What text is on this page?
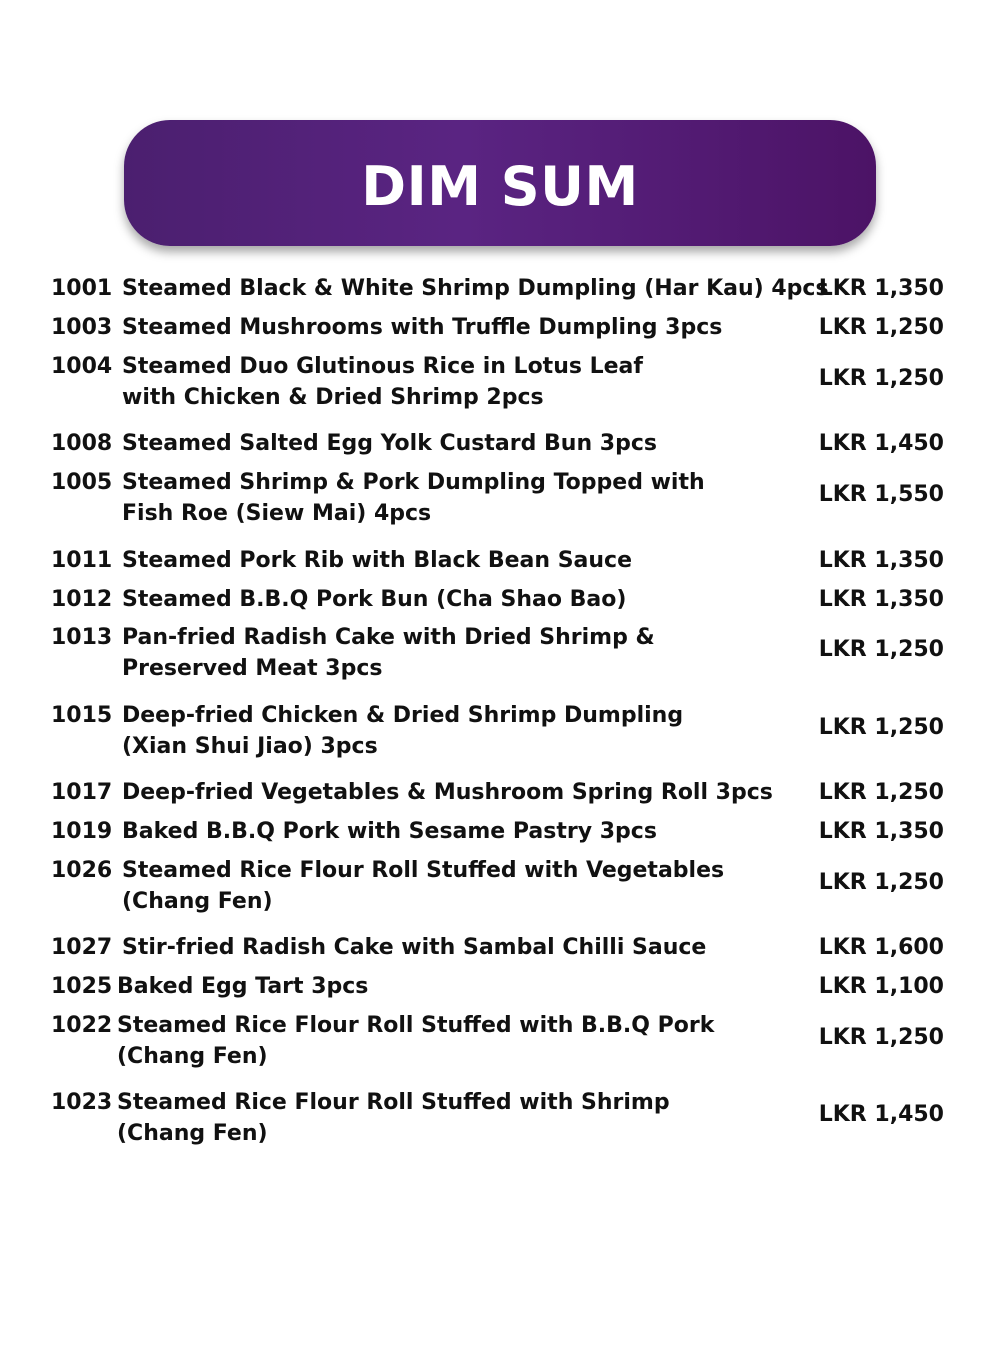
DIM SUM
1001 Steamed Black & White Shrimp Dumpling (Har Kau) 4pcs
LKR 1,350
1003 Steamed Mushrooms with Truffle Dumpling 3pcs	LKR 1,250
1004 Steamed Duo Glutinous Rice in Lotus Leaf
with Chicken & Dried Shrimp 2pcs
LKR 1,250
1008 Steamed Salted Egg Yolk Custard Bun 3pcs	LKR 1,450
1005 Steamed Shrimp & Pork Dumpling Topped with
Fish Roe (Siew Mai) 4pcs
LKR 1,550
1011 Steamed Pork Rib with Black Bean Sauce	LKR 1,350
1012 Steamed B.B.Q Pork Bun (Cha Shao Bao)	LKR 1,350
1013 Pan-fried Radish Cake with Dried Shrimp &
Preserved Meat 3pcs
LKR 1,250
1015 Deep-fried Chicken & Dried Shrimp Dumpling
(Xian Shui Jiao) 3pcs
LKR 1,250
1017 Deep-fried Vegetables & Mushroom Spring Roll 3pcs LKR 1,250
1019 Baked B.B.Q Pork with Sesame Pastry 3pcs	LKR 1,350
1026 Steamed Rice Flour Roll Stuffed with Vegetables
(Chang Fen)
LKR 1,250
1027 Stir-fried Radish Cake with Sambal Chilli Sauce	LKR 1,600
1025 Baked Egg Tart 3pcs	LKR 1,100
1022 Steamed Rice Flour Roll Stuffed with B.B.Q Pork
(Chang Fen)
LKR 1,250
1023 Steamed Rice Flour Roll Stuffed with Shrimp
(Chang Fen)
LKR 1,450
